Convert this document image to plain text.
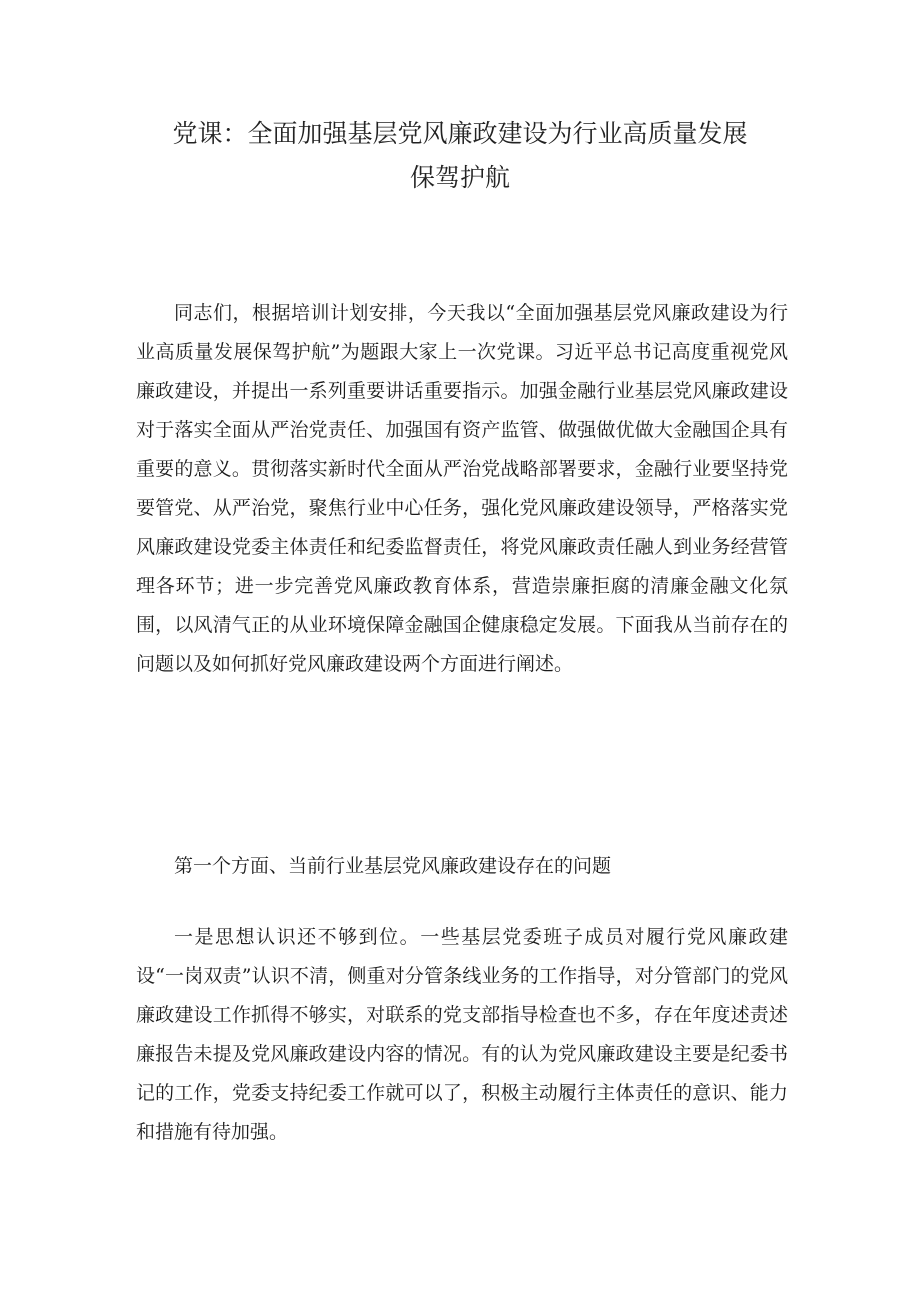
党课：全面加强基层党风廉政建设为行业高质量发展
保驾护航

同志们，根据培训计划安排，今天我以“全面加强基层党风廉政建设为行业高质量发展保驾护航”为题跟大家上一次党课。习近平总书记高度重视党风廉政建设，并提出一系列重要讲话重要指示。加强金融行业基层党风廉政建设对于落实全面从严治党责任、加强国有资产监管、做强做优做大金融国企具有重要的意义。贯彻落实新时代全面从严治党战略部署要求，金融行业要坚持党要管党、从严治党，聚焦行业中心任务，强化党风廉政建设领导，严格落实党风廉政建设党委主体责任和纪委监督责任，将党风廉政责任融人到业务经营管理各环节；进一步完善党风廉政教育体系，营造崇廉拒腐的清廉金融文化氛围，以风清气正的从业环境保障金融国企健康稳定发展。下面我从当前存在的问题以及如何抓好党风廉政建设两个方面进行阐述。

第一个方面、当前行业基层党风廉政建设存在的问题

一是思想认识还不够到位。一些基层党委班子成员对履行党风廉政建设“一岗双责”认识不清，侧重对分管条线业务的工作指导，对分管部门的党风廉政建设工作抓得不够实，对联系的党支部指导检查也不多，存在年度述责述廉报告未提及党风廉政建设内容的情况。有的认为党风廉政建设主要是纪委书记的工作，党委支持纪委工作就可以了，积极主动履行主体责任的意识、能力和措施有待加强。
